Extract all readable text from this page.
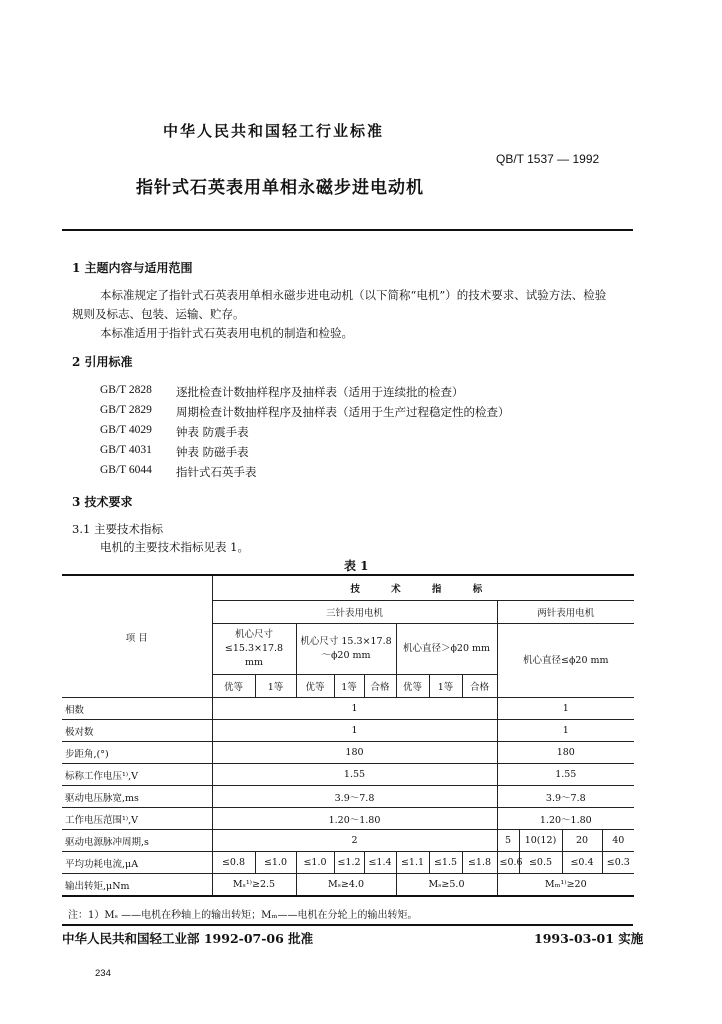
中华人民共和国轻工行业标准
QB/T 1537 — 1992
指针式石英表用单相永磁步进电动机
1 主题内容与适用范围
本标准规定了指针式石英表用单相永磁步进电动机（以下简称“电机”）的技术要求、试验方法、检验
规则及标志、包装、运输、贮存。
本标准适用于指针式石英表用电机的制造和检验。
2 引用标准
GB/T 2828 逐批检查计数抽样程序及抽样表（适用于连续批的检查）
GB/T 2829 周期检查计数抽样程序及抽样表（适用于生产过程稳定性的检查）
GB/T 4029 钟表 防震手表
GB/T 4031 钟表 防磁手表
GB/T 6044 指针式石英手表
3 技术要求
3.1 主要技术指标
电机的主要技术指标见表 1。
表 1
项 目	技 术 指 标											
	三针表用电机								两针表用电机			
	机心尺寸 ≤15.3×17.8 mm		机心尺寸 15.3×17.8～ϕ20 mm			机心直径＞ϕ20 mm			机心直径≤ϕ20 mm			
	优等	1等	优等	1等	合格	优等	1等	合格				
相数	1								1			
极对数	1								1			
步距角,(°)	180								180			
标称工作电压¹⁾,V	1.55								1.55			
驱动电压脉宽,ms	3.9～7.8								3.9～7.8			
工作电压范围¹⁾,V	1.20～1.80								1.20～1.80			
驱动电源脉冲周期,s	2								5	10(12)	20	40
平均功耗电流,μA	≤0.8	≤1.0	≤1.0	≤1.2	≤1.4	≤1.1	≤1.5	≤1.8	≤0.6	≤0.5	≤0.4	≤0.3
输出转矩,μNm	Mₛ¹⁾≥2.5		Mₛ≥4.0			Mₛ≥5.0			Mₘ¹⁾≥20			
注：1）Mₛ ——电机在秒轴上的输出转矩；Mₘ——电机在分轮上的输出转矩。
中华人民共和国轻工业部 1992-07-06 批准	1993-03-01 实施
234
